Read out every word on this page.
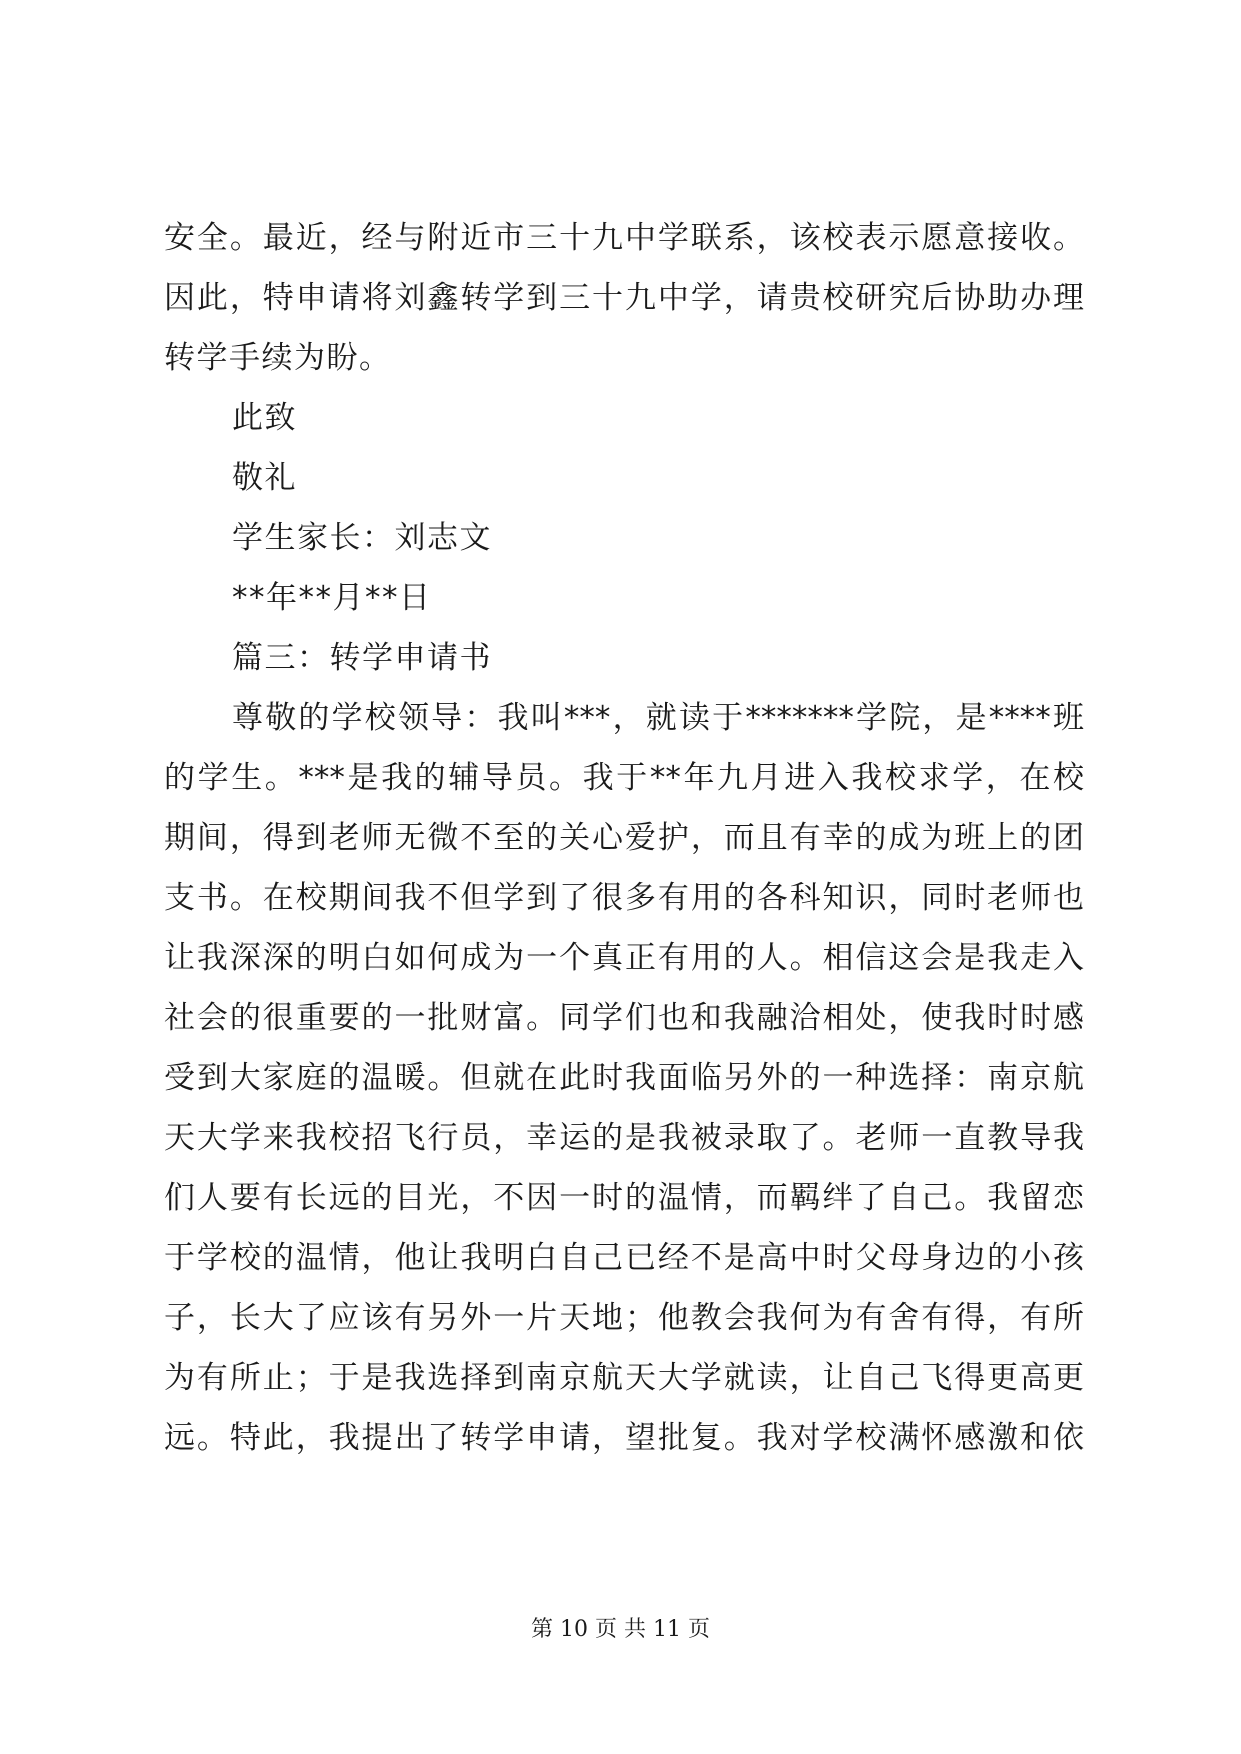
安全。最近，经与附近市三十九中学联系，该校表示愿意接收。
因此，特申请将刘鑫转学到三十九中学，请贵校研究后协助办理
转学手续为盼。
此致
敬礼
学生家长：刘志文
**年**月**日
篇三：转学申请书
尊敬的学校领导：我叫***，就读于*******学院，是****班
的学生。***是我的辅导员。我于**年九月进入我校求学，在校
期间，得到老师无微不至的关心爱护，而且有幸的成为班上的团
支书。在校期间我不但学到了很多有用的各科知识，同时老师也
让我深深的明白如何成为一个真正有用的人。相信这会是我走入
社会的很重要的一批财富。同学们也和我融洽相处，使我时时感
受到大家庭的温暖。但就在此时我面临另外的一种选择：南京航
天大学来我校招飞行员，幸运的是我被录取了。老师一直教导我
们人要有长远的目光，不因一时的温情，而羁绊了自己。我留恋
于学校的温情，他让我明白自己已经不是高中时父母身边的小孩
子，长大了应该有另外一片天地；他教会我何为有舍有得，有所
为有所止；于是我选择到南京航天大学就读，让自己飞得更高更
远。特此，我提出了转学申请，望批复。我对学校满怀感激和依
第 10 页 共 11 页
